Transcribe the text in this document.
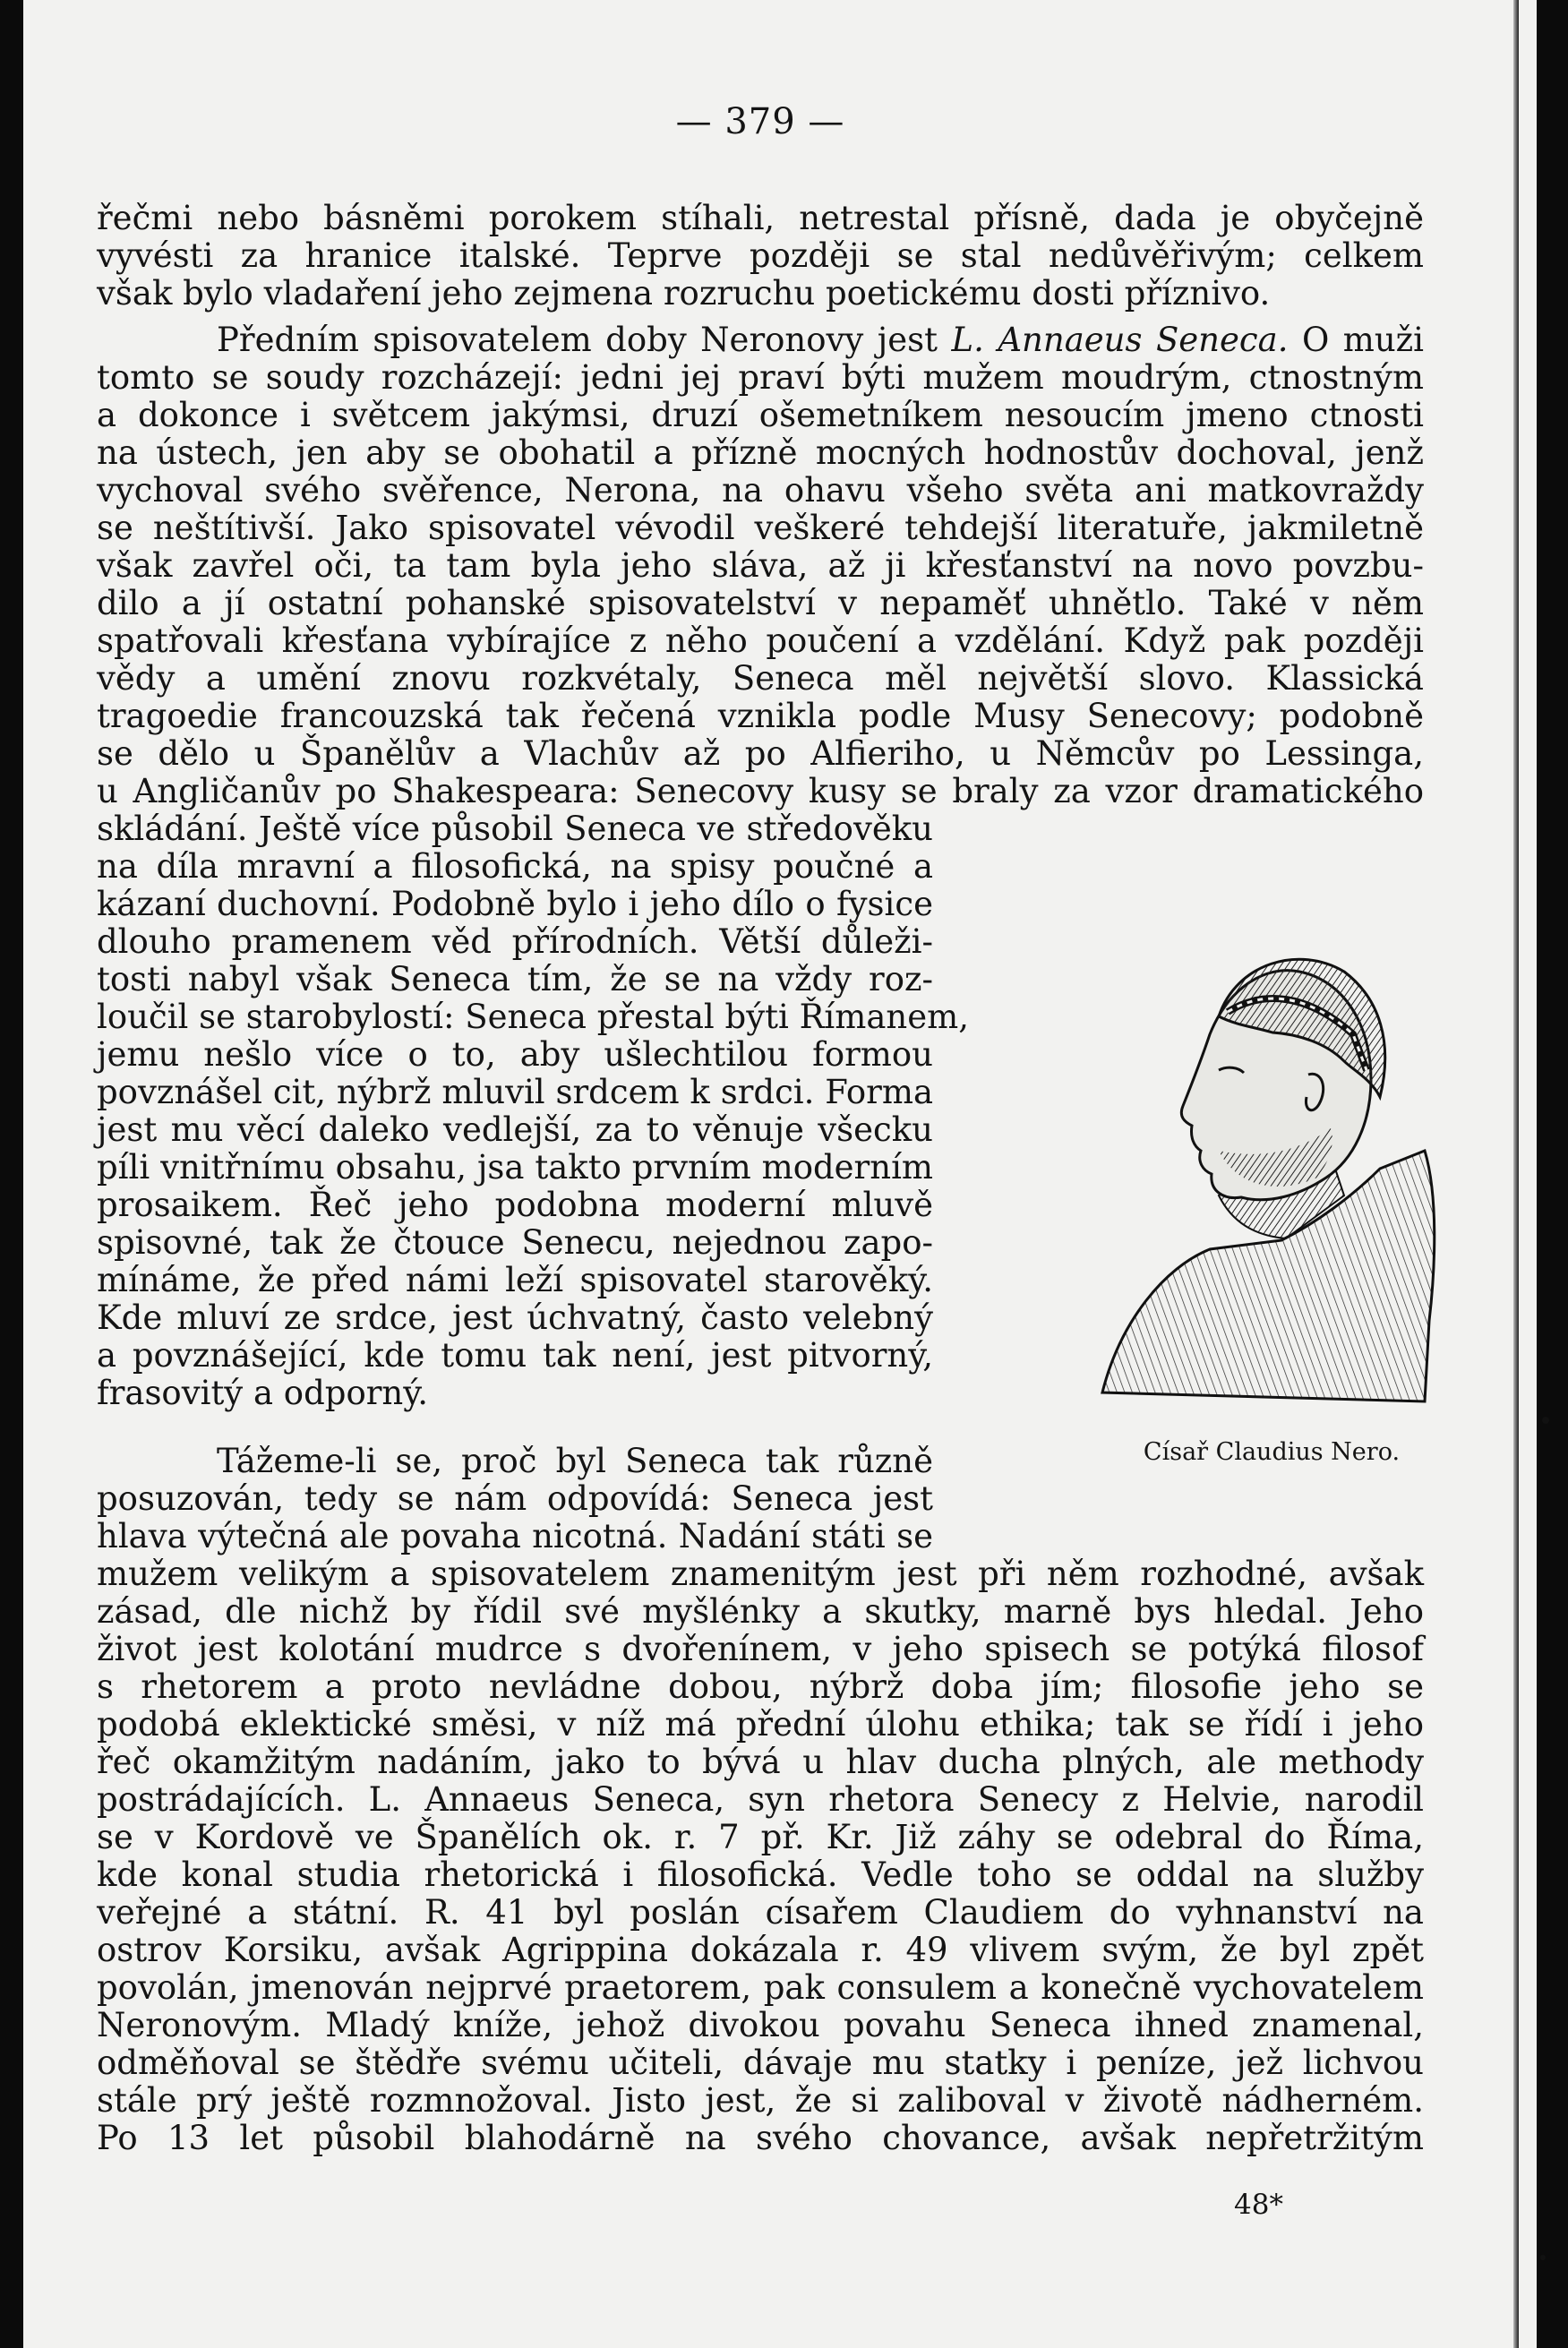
— 379 —
řečmi nebo básněmi porokem stíhali, netrestal přísně, dada je obyčejně
vyvésti za hranice italské. Teprve později se stal nedůvěřivým; celkem
však bylo vladaření jeho zejmena rozruchu poetickému dosti příznivo.
Předním spisovatelem doby Neronovy jest L. Annaeus Seneca. O muži
tomto se soudy rozcházejí: jedni jej praví býti mužem moudrým, ctnostným
a dokonce i světcem jakýmsi, druzí ošemetníkem nesoucím jmeno ctnosti
na ústech, jen aby se obohatil a přízně mocných hodnostův dochoval, jenž
vychoval svého svěřence, Nerona, na ohavu všeho světa ani matkovraždy
se neštítivší. Jako spisovatel vévodil veškeré tehdejší literatuře, jakmiletně
však zavřel oči, ta tam byla jeho sláva, až ji křesťanství na novo povzbu-
dilo a jí ostatní pohanské spisovatelství v nepaměť uhnětlo. Také v něm
spatřovali křesťana vybírajíce z něho poučení a vzdělání. Když pak později
vědy a umění znovu rozkvétaly, Seneca měl největší slovo. Klassická
tragoedie francouzská tak řečená vznikla podle Musy Senecovy; podobně
se dělo u Španělův a Vlachův až po Alfieriho, u Němcův po Lessinga,
u Angličanův po Shakespeara: Senecovy kusy se braly za vzor dramatického
skládání. Ještě více působil Seneca ve středověku
na díla mravní a filosofická, na spisy poučné a
kázaní duchovní. Podobně bylo i jeho dílo o fysice
dlouho pramenem věd přírodních. Větší důleži-
tosti nabyl však Seneca tím, že se na vždy roz-
loučil se starobylostí: Seneca přestal býti Římanem,
jemu nešlo více o to, aby ušlechtilou formou
povznášel cit, nýbrž mluvil srdcem k srdci. Forma
jest mu věcí daleko vedlejší, za to věnuje všecku
píli vnitřnímu obsahu, jsa takto prvním moderním
prosaikem. Řeč jeho podobna moderní mluvě
spisovné, tak že čtouce Senecu, nejednou zapo-
mínáme, že před námi leží spisovatel starověký.
Kde mluví ze srdce, jest úchvatný, často velebný
a povznášející, kde tomu tak není, jest pitvorný,
frasovitý a odporný.
Tážeme-li se, proč byl Seneca tak různě
posuzován, tedy se nám odpovídá: Seneca jest
hlava výtečná ale povaha nicotná. Nadání státi se
mužem velikým a spisovatelem znamenitým jest při něm rozhodné, avšak
zásad, dle nichž by řídil své myšlénky a skutky, marně bys hledal. Jeho
život jest kolotání mudrce s dvořenínem, v jeho spisech se potýká filosof
s rhetorem a proto nevládne dobou, nýbrž doba jím; filosofie jeho se
podobá eklektické směsi, v níž má přední úlohu ethika; tak se řídí i jeho
řeč okamžitým nadáním, jako to bývá u hlav ducha plných, ale methody
postrádajících. L. Annaeus Seneca, syn rhetora Senecy z Helvie, narodil
se v Kordově ve Španělích ok. r. 7 př. Kr. Již záhy se odebral do Říma,
kde konal studia rhetorická i filosofická. Vedle toho se oddal na služby
veřejné a státní. R. 41 byl poslán císařem Claudiem do vyhnanství na
ostrov Korsiku, avšak Agrippina dokázala r. 49 vlivem svým, že byl zpět
povolán, jmenován nejprvé praetorem, pak consulem a konečně vychovatelem
Neronovým. Mladý kníže, jehož divokou povahu Seneca ihned znamenal,
odměňoval se štědře svému učiteli, dávaje mu statky i peníze, jež lichvou
stále prý ještě rozmnožoval. Jisto jest, že si zaliboval v životě nádherném.
Po 13 let působil blahodárně na svého chovance, avšak nepřetržitým
Císař Claudius Nero.
48*
